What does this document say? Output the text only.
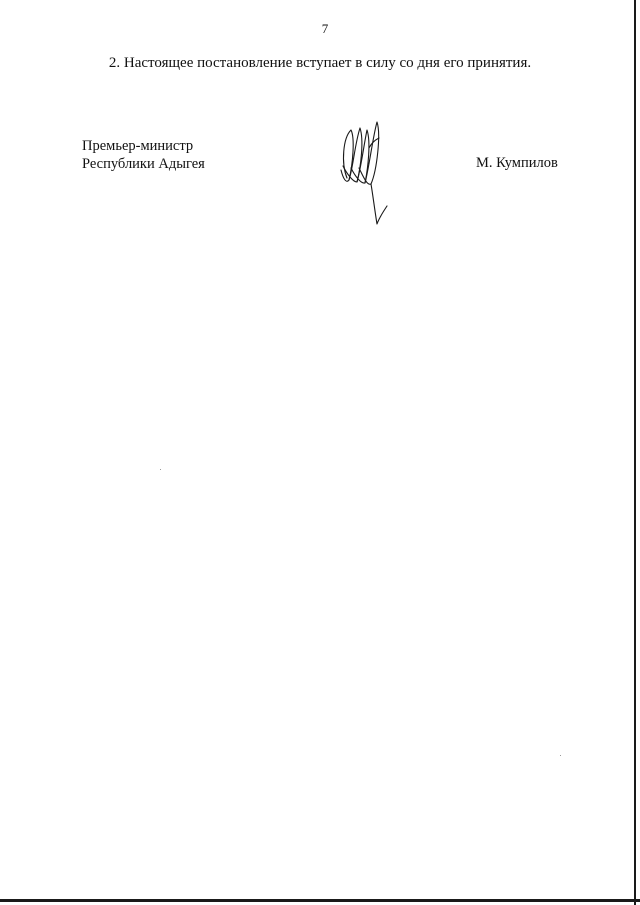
7
2. Настоящее постановление вступает в силу со дня его принятия.
Премьер-министр
Республики Адыгея	М. Кумпилов
